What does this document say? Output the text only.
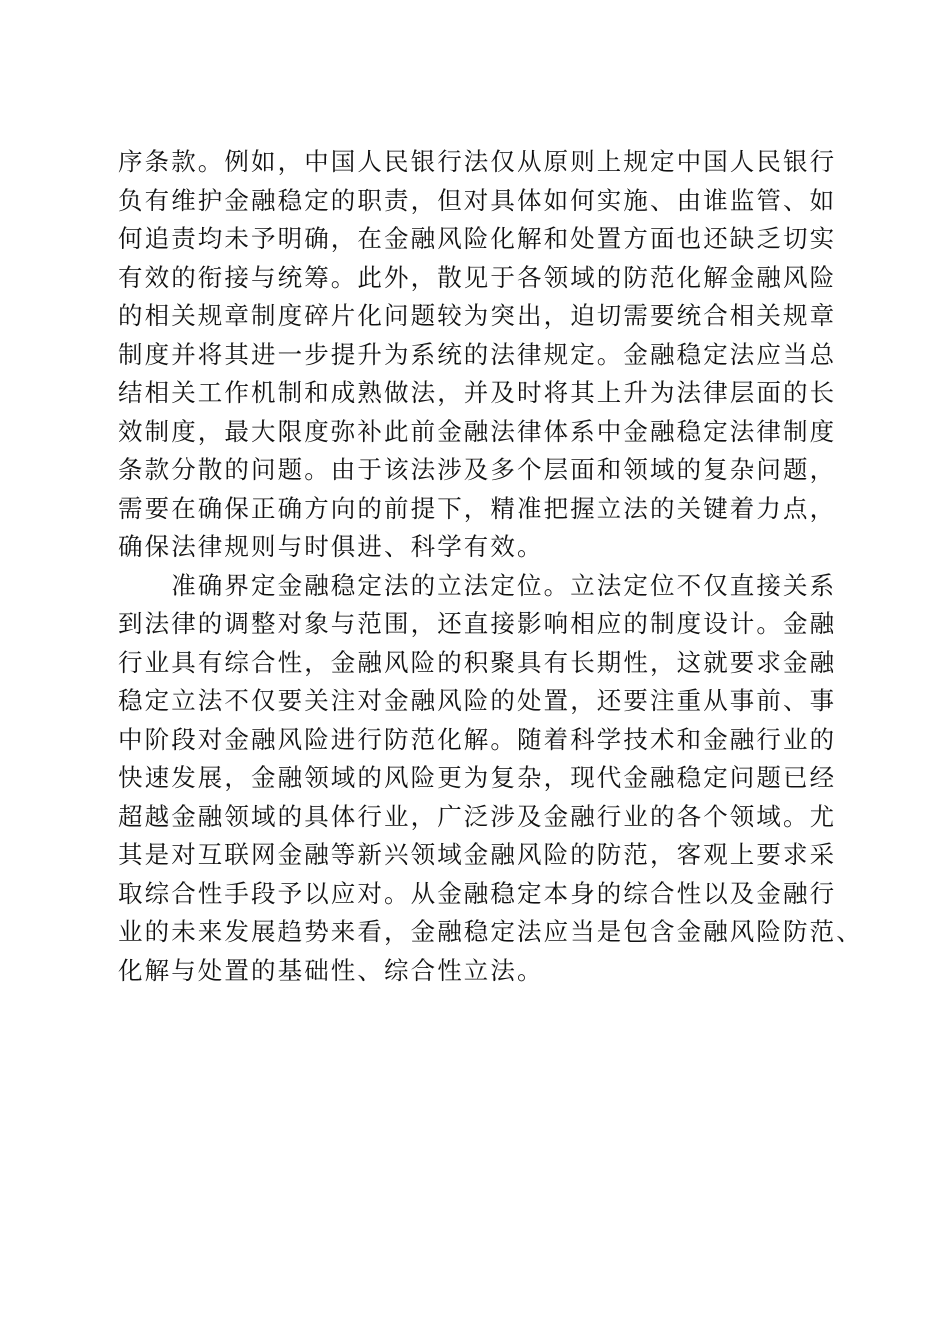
序条款。例如，中国人民银行法仅从原则上规定中国人民银行
负有维护金融稳定的职责，但对具体如何实施、由谁监管、如
何追责均未予明确，在金融风险化解和处置方面也还缺乏切实
有效的衔接与统筹。此外，散见于各领域的防范化解金融风险
的相关规章制度碎片化问题较为突出，迫切需要统合相关规章
制度并将其进一步提升为系统的法律规定。金融稳定法应当总
结相关工作机制和成熟做法，并及时将其上升为法律层面的长
效制度，最大限度弥补此前金融法律体系中金融稳定法律制度
条款分散的问题。由于该法涉及多个层面和领域的复杂问题，
需要在确保正确方向的前提下，精准把握立法的关键着力点，
确保法律规则与时俱进、科学有效。
　　准确界定金融稳定法的立法定位。立法定位不仅直接关系
到法律的调整对象与范围，还直接影响相应的制度设计。金融
行业具有综合性，金融风险的积聚具有长期性，这就要求金融
稳定立法不仅要关注对金融风险的处置，还要注重从事前、事
中阶段对金融风险进行防范化解。随着科学技术和金融行业的
快速发展，金融领域的风险更为复杂，现代金融稳定问题已经
超越金融领域的具体行业，广泛涉及金融行业的各个领域。尤
其是对互联网金融等新兴领域金融风险的防范，客观上要求采
取综合性手段予以应对。从金融稳定本身的综合性以及金融行
业的未来发展趋势来看，金融稳定法应当是包含金融风险防范、
化解与处置的基础性、综合性立法。
